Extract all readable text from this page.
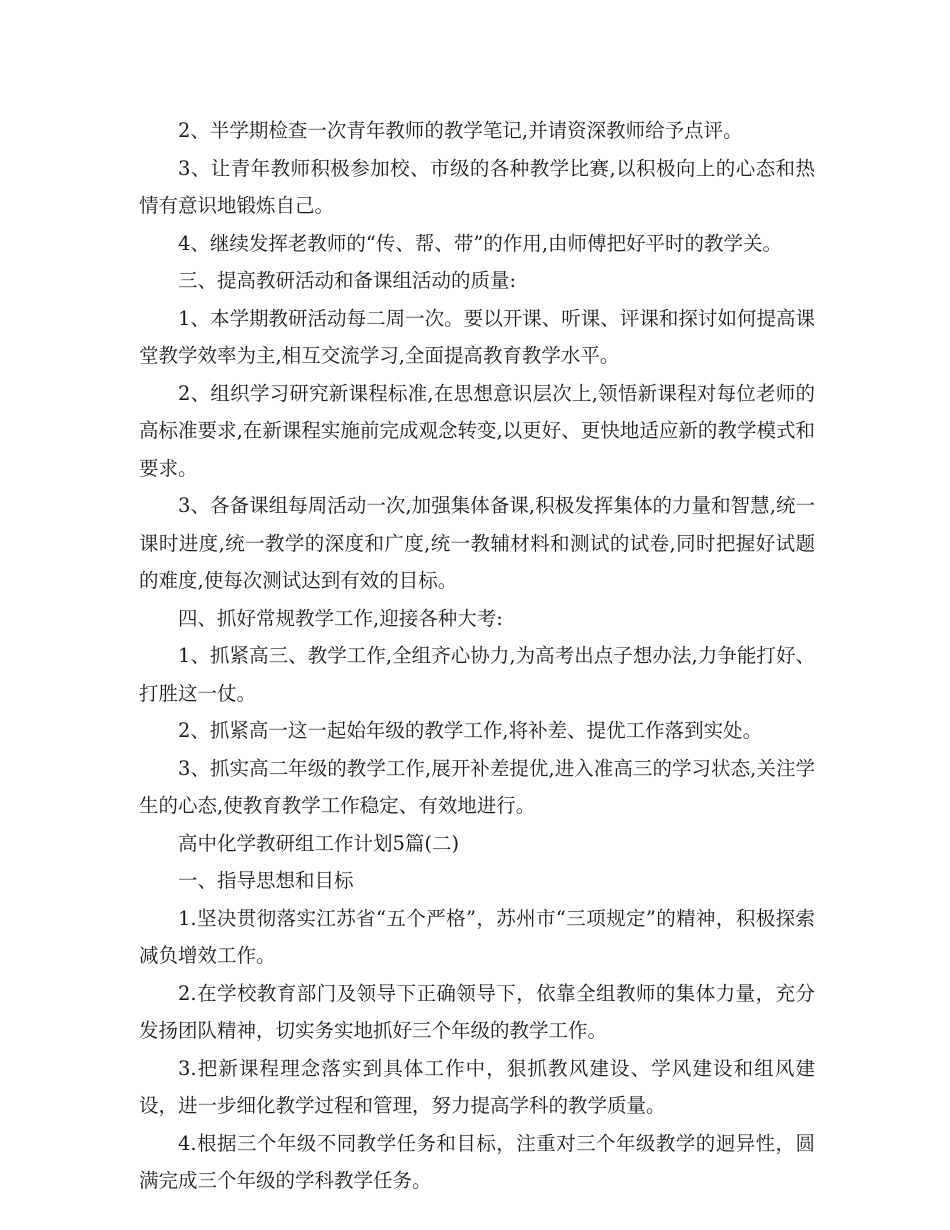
2、半学期检查一次青年教师的教学笔记,并请资深教师给予点评。

3、让青年教师积极参加校、市级的各种教学比赛,以积极向上的心态和热情有意识地锻炼自己。

4、继续发挥老教师的“传、帮、带”的作用,由师傅把好平时的教学关。

三、提高教研活动和备课组活动的质量:

1、本学期教研活动每二周一次。要以开课、听课、评课和探讨如何提高课堂教学效率为主,相互交流学习,全面提高教育教学水平。

2、组织学习研究新课程标准,在思想意识层次上,领悟新课程对每位老师的高标准要求,在新课程实施前完成观念转变,以更好、更快地适应新的教学模式和要求。

3、各备课组每周活动一次,加强集体备课,积极发挥集体的力量和智慧,统一课时进度,统一教学的深度和广度,统一教辅材料和测试的试卷,同时把握好试题的难度,使每次测试达到有效的目标。

四、抓好常规教学工作,迎接各种大考:

1、抓紧高三、教学工作,全组齐心协力,为高考出点子想办法,力争能打好、打胜这一仗。

2、抓紧高一这一起始年级的教学工作,将补差、提优工作落到实处。

3、抓实高二年级的教学工作,展开补差提优,进入准高三的学习状态,关注学生的心态,使教育教学工作稳定、有效地进行。

高中化学教研组工作计划5篇(二)

一、指导思想和目标

1.坚决贯彻落实江苏省“五个严格”，苏州市“三项规定”的精神，积极探索减负增效工作。

2.在学校教育部门及领导下正确领导下，依靠全组教师的集体力量，充分发扬团队精神，切实务实地抓好三个年级的教学工作。

3.把新课程理念落实到具体工作中，狠抓教风建设、学风建设和组风建设，进一步细化教学过程和管理，努力提高学科的教学质量。

4.根据三个年级不同教学任务和目标，注重对三个年级教学的迥异性，圆满完成三个年级的学科教学任务。
